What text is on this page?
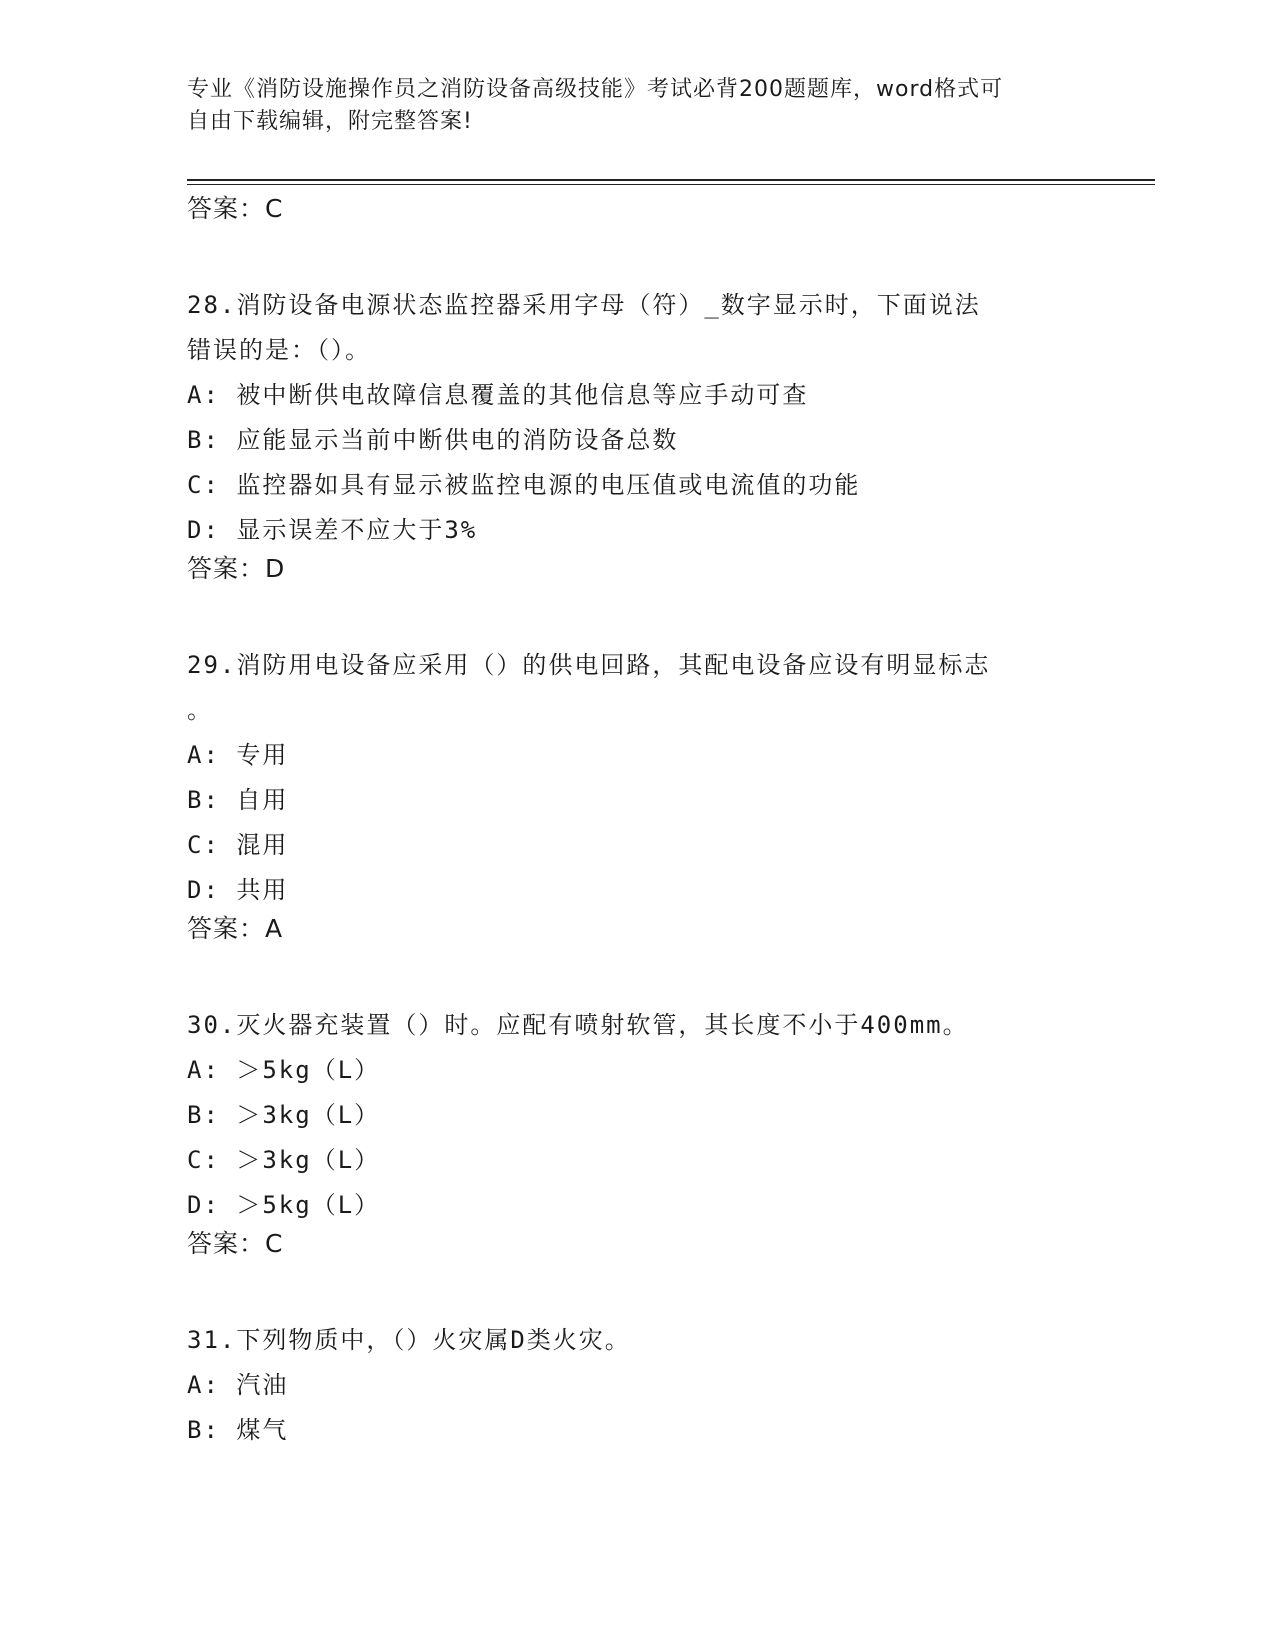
专业《消防设施操作员之消防设备高级技能》考试必背200题题库，word格式可
自由下载编辑，附完整答案!
答案：C
28.消防设备电源状态监控器采用字母（符）_数字显示时，下面说法
错误的是：（）。
A: 被中断供电故障信息覆盖的其他信息等应手动可查
B: 应能显示当前中断供电的消防设备总数
C: 监控器如具有显示被监控电源的电压值或电流值的功能
D: 显示误差不应大于3%
答案：D
29.消防用电设备应采用（）的供电回路，其配电设备应设有明显标志
。
A: 专用
B: 自用
C: 混用
D: 共用
答案：A
30.灭火器充装置（）时。应配有喷射软管，其长度不小于400mm。
A: ＞5kg（L）
B: ＞3kg（L）
C: ＞3kg（L）
D: ＞5kg（L）
答案：C
31.下列物质中，（）火灾属D类火灾。
A: 汽油
B: 煤气
